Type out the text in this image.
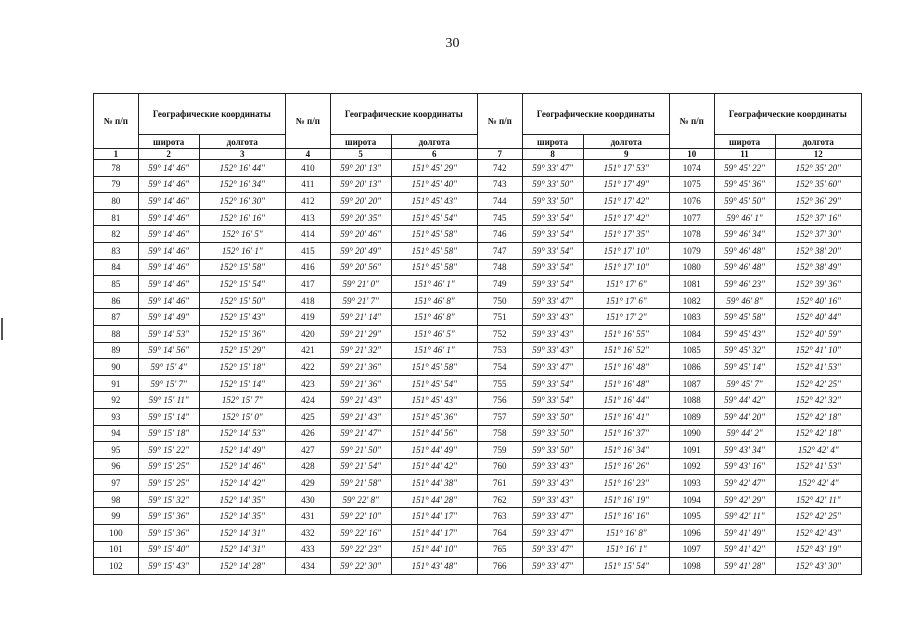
30
№ п/п	Географические координаты		№ п/п	Географические координаты		№ п/п	Географические координаты		№ п/п	Географические координаты	
	широта	долгота		широта	долгота		широта	долгота		широта	долгота
1	2	3	4	5	6	7	8	9	10	11	12
78	59° 14' 46"	152° 16' 44"	410	59° 20' 13"	151° 45' 29"	742	59° 33' 47"	151° 17' 53"	1074	59° 45' 22"	152° 35' 20"
79	59° 14' 46"	152° 16' 34"	411	59° 20' 13"	151° 45' 40"	743	59° 33' 50"	151° 17' 49"	1075	59° 45' 36"	152° 35' 60"
80	59° 14' 46"	152° 16' 30"	412	59° 20' 20"	151° 45' 43"	744	59° 33' 50"	151° 17' 42"	1076	59° 45' 50"	152° 36' 29"
81	59° 14' 46"	152° 16' 16"	413	59° 20' 35"	151° 45' 54"	745	59° 33' 54"	151° 17' 42"	1077	59° 46' 1"	152° 37' 16"
82	59° 14' 46"	152° 16' 5"	414	59° 20' 46"	151° 45' 58"	746	59° 33' 54"	151° 17' 35"	1078	59° 46' 34"	152° 37' 30"
83	59° 14' 46"	152° 16' 1"	415	59° 20' 49"	151° 45' 58"	747	59° 33' 54"	151° 17' 10"	1079	59° 46' 48"	152° 38' 20"
84	59° 14' 46"	152° 15' 58"	416	59° 20' 56"	151° 45' 58"	748	59° 33' 54"	151° 17' 10"	1080	59° 46' 48"	152° 38' 49"
85	59° 14' 46"	152° 15' 54"	417	59° 21' 0"	151° 46' 1"	749	59° 33' 54"	151° 17' 6"	1081	59° 46' 23"	152° 39' 36"
86	59° 14' 46"	152° 15' 50"	418	59° 21' 7"	151° 46' 8"	750	59° 33' 47"	151° 17' 6"	1082	59° 46' 8"	152° 40' 16"
87	59° 14' 49"	152° 15' 43"	419	59° 21' 14"	151° 46' 8"	751	59° 33' 43"	151° 17' 2"	1083	59° 45' 58"	152° 40' 44"
88	59° 14' 53"	152° 15' 36"	420	59° 21' 29"	151° 46' 5"	752	59° 33' 43"	151° 16' 55"	1084	59° 45' 43"	152° 40' 59"
89	59° 14' 56"	152° 15' 29"	421	59° 21' 32"	151° 46' 1"	753	59° 33' 43"	151° 16' 52"	1085	59° 45' 32"	152° 41' 10"
90	59° 15' 4"	152° 15' 18"	422	59° 21' 36"	151° 45' 58"	754	59° 33' 47"	151° 16' 48"	1086	59° 45' 14"	152° 41' 53"
91	59° 15' 7"	152° 15' 14"	423	59° 21' 36"	151° 45' 54"	755	59° 33' 54"	151° 16' 48"	1087	59° 45' 7"	152° 42' 25"
92	59° 15' 11"	152° 15' 7"	424	59° 21' 43"	151° 45' 43"	756	59° 33' 54"	151° 16' 44"	1088	59° 44' 42"	152° 42' 32"
93	59° 15' 14"	152° 15' 0"	425	59° 21' 43"	151° 45' 36"	757	59° 33' 50"	151° 16' 41"	1089	59° 44' 20"	152° 42' 18"
94	59° 15' 18"	152° 14' 53"	426	59° 21' 47"	151° 44' 56"	758	59° 33' 50"	151° 16' 37"	1090	59° 44' 2"	152° 42' 18"
95	59° 15' 22"	152° 14' 49"	427	59° 21' 50"	151° 44' 49"	759	59° 33' 50"	151° 16' 34"	1091	59° 43' 34"	152° 42' 4"
96	59° 15' 25"	152° 14' 46"	428	59° 21' 54"	151° 44' 42"	760	59° 33' 43"	151° 16' 26"	1092	59° 43' 16"	152° 41' 53"
97	59° 15' 25"	152° 14' 42"	429	59° 21' 58"	151° 44' 38"	761	59° 33' 43"	151° 16' 23"	1093	59° 42' 47"	152° 42' 4"
98	59° 15' 32"	152° 14' 35"	430	59° 22' 8"	151° 44' 28"	762	59° 33' 43"	151° 16' 19"	1094	59° 42' 29"	152° 42' 11"
99	59° 15' 36"	152° 14' 35"	431	59° 22' 10"	151° 44' 17"	763	59° 33' 47"	151° 16' 16"	1095	59° 42' 11"	152° 42' 25"
100	59° 15' 36"	152° 14' 31"	432	59° 22' 16"	151° 44' 17"	764	59° 33' 47"	151° 16' 8"	1096	59° 41' 49"	152° 42' 43"
101	59° 15' 40"	152° 14' 31"	433	59° 22' 23"	151° 44' 10"	765	59° 33' 47"	151° 16' 1"	1097	59° 41' 42"	152° 43' 19"
102	59° 15' 43"	152° 14' 28"	434	59° 22' 30"	151° 43' 48"	766	59° 33' 47"	151° 15' 54"	1098	59° 41' 28"	152° 43' 30"
